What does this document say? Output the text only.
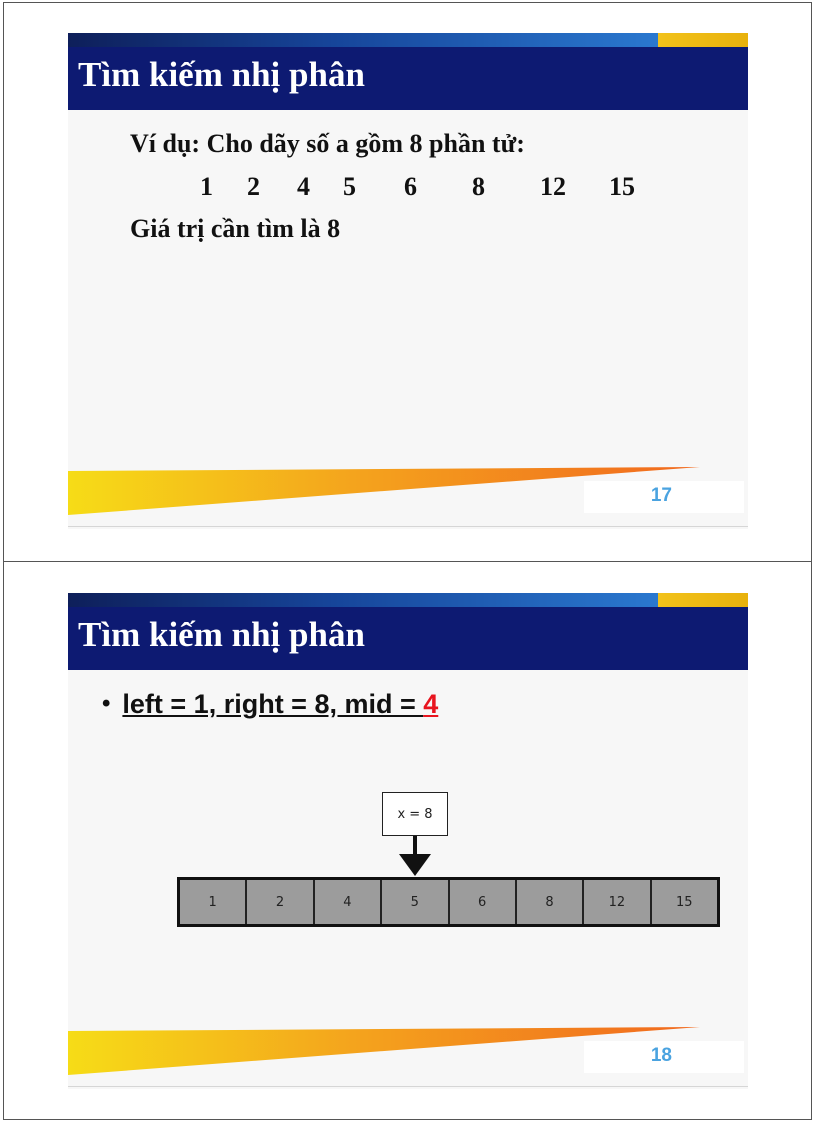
Tìm kiếm nhị phân
Ví dụ: Cho dãy số a gồm 8 phần tử:
1 2 4 5 6 8 12 15
Giá trị cần tìm là 8
17
Tìm kiếm nhị phân
• left = 1, right = 8, mid = 4
x = 8
1	2	4	5	6	8	12	15
18
